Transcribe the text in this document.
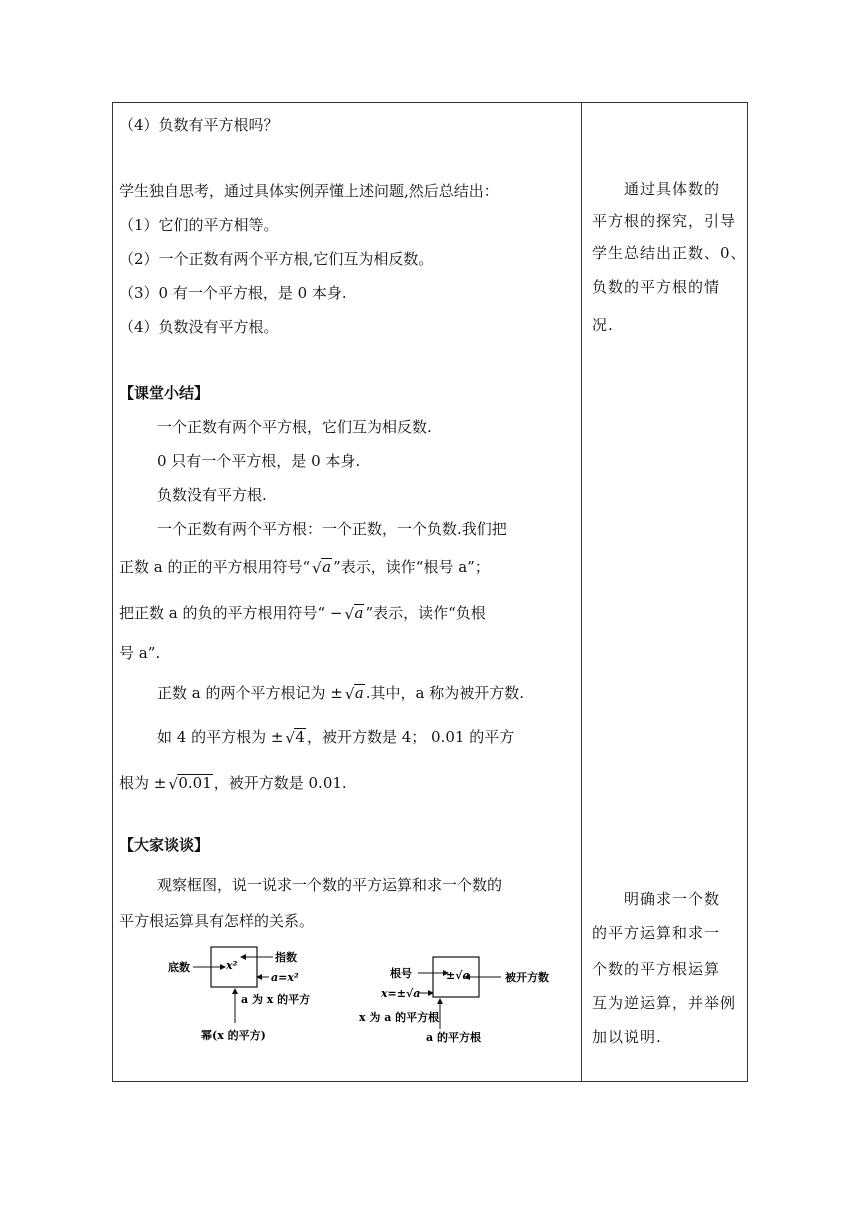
（4）负数有平方根吗？
学生独自思考，通过具体实例弄懂上述问题,然后总结出：
（1）它们的平方相等。
（2）一个正数有两个平方根,它们互为相反数。
（3）0 有一个平方根，是 0 本身.
（4）负数没有平方根。
【课堂小结】
一个正数有两个平方根，它们互为相反数.
0 只有一个平方根，是 0 本身.
负数没有平方根.
一个正数有两个平方根：一个正数，一个负数.我们把
正数 a 的正的平方根用符号“ √ a ”表示，读作“根号 a”；
把正数 a 的负的平方根用符号“ − √ a ”表示，读作“负根
号 a”.
正数 a 的两个平方根记为 ± √ a .其中，a 称为被开方数.
如 4 的平方根为 ± √ 4 ，被开方数是 4； 0.01 的平方
根为 ± √ 0.01 ，被开方数是 0.01.
【大家谈谈】
观察框图，说一说求一个数的平方运算和求一个数的
平方根运算具有怎样的关系。
底数	x²
指数
a=x²
a 为 x 的平方
幂(x 的平方)
根号	±√a	被开方数
x=±√a
x 为 a 的平方根
a 的平方根
　　通过具体数的
平方根的探究，引导
学生总结出正数、0、
负数的平方根的情
况.
　　明确求一个数
的平方运算和求一
个数的平方根运算
互为逆运算，并举例
加以说明.
